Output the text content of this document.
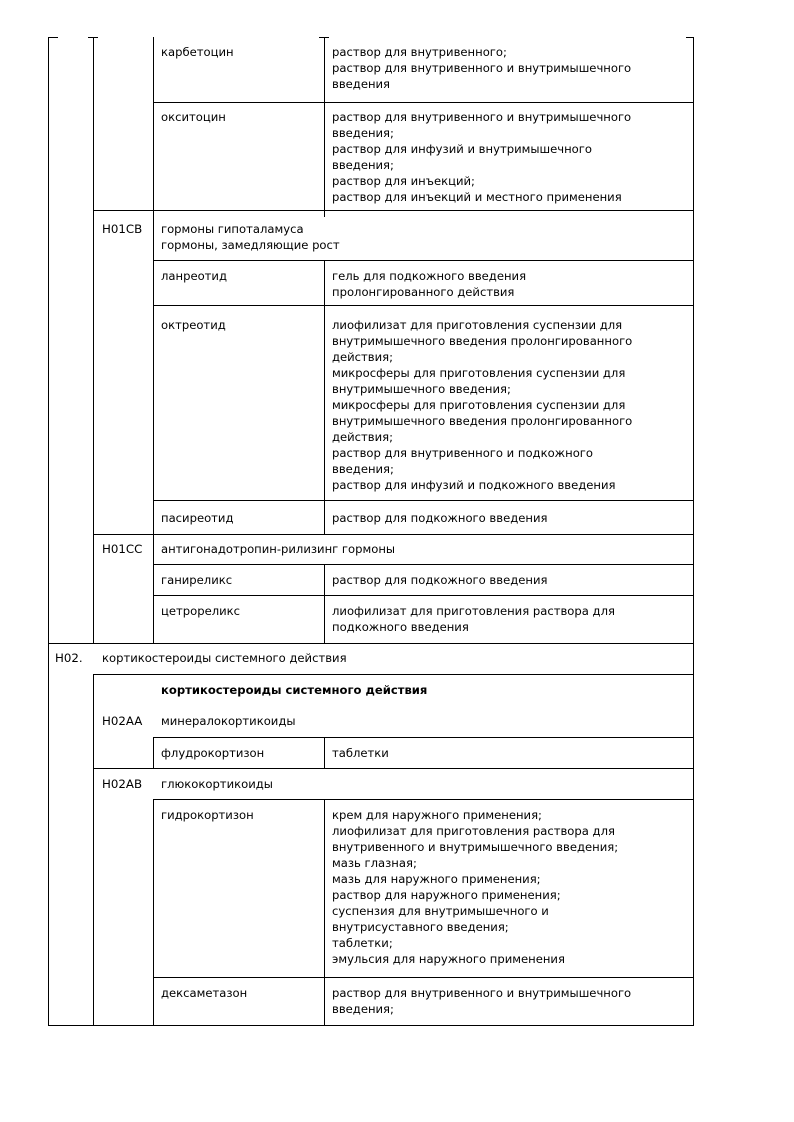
карбетоцин	раствор для внутривенного;
раствор для внутривенного и внутримышечного
введения
окситоцин	раствор для внутривенного и внутримышечного
введения;
раствор для инфузий и внутримышечного
введения;
раствор для инъекций;
раствор для инъекций и местного применения
H01CB гормоны гипоталамуса
гормоны, замедляющие рост
ланреотид	гель для подкожного введения
пролонгированного действия
октреотид	лиофилизат для приготовления суспензии для
внутримышечного введения пролонгированного
действия;
микросферы для приготовления суспензии для
внутримышечного введения;
микросферы для приготовления суспензии для
внутримышечного введения пролонгированного
действия;
раствор для внутривенного и подкожного
введения;
раствор для инфузий и подкожного введения
пасиреотид	раствор для подкожного введения
H01CC антигонадотропин-рилизинг гормоны
ганиреликс	раствор для подкожного введения
цетрореликс	лиофилизат для приготовления раствора для
подкожного введения
H02. кортикостероиды системного действия
кортикостероиды системного действия
H02AA минералокортикоиды
флудрокортизон	таблетки
H02AB глюкокортикоиды
гидрокортизон	крем для наружного применения;
лиофилизат для приготовления раствора для
внутривенного и внутримышечного введения;
мазь глазная;
мазь для наружного применения;
раствор для наружного применения;
суспензия для внутримышечного и
внутрисуставного введения;
таблетки;
эмульсия для наружного применения
дексаметазон	раствор для внутривенного и внутримышечного
введения;
